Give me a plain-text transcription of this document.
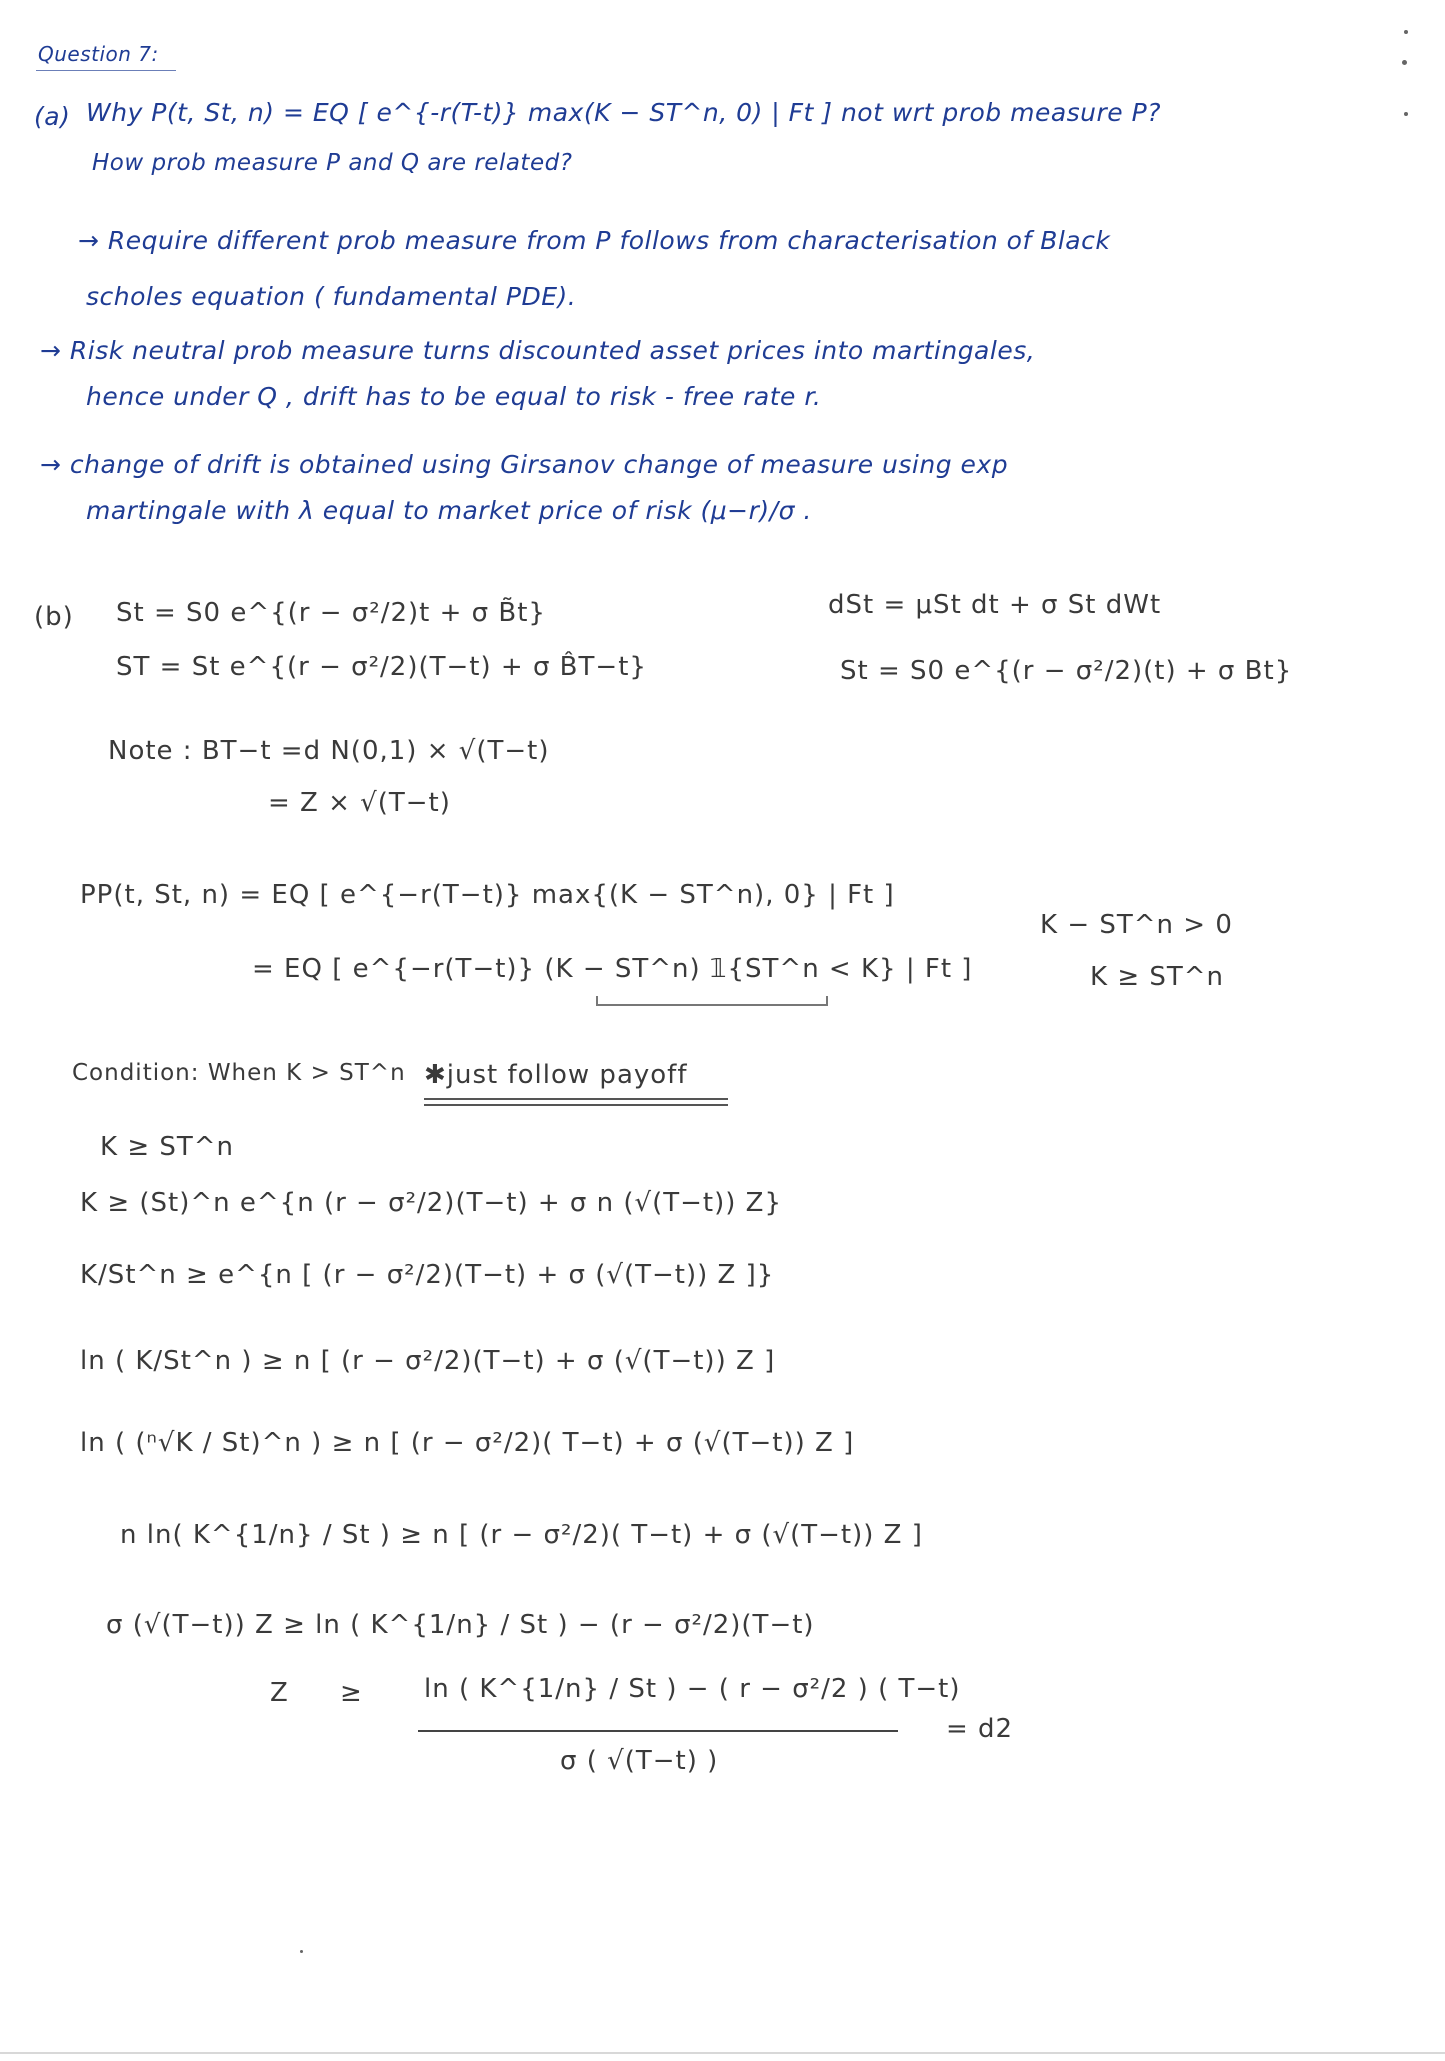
Question 7:
(a) Why P(t, St, n) = EQ [ e^{-r(T-t)} max(K − ST^n, 0) | Ft ] not wrt prob measure P?
How prob measure P and Q are related?
→ Require different prob measure from P follows from characterisation of Black
scholes equation ( fundamental PDE).
→ Risk neutral prob measure turns discounted asset prices into martingales,
hence under Q , drift has to be equal to risk - free rate r.
→ change of drift is obtained using Girsanov change of measure using exp
martingale with λ equal to market price of risk (μ−r)/σ .
(b) St = S0 e^{(r − σ²/2)t + σ B̃t}
ST = St e^{(r − σ²/2)(T−t) + σ B̂T−t}
dSt = μSt dt + σ St dWt
St = S0 e^{(r − σ²/2)(t) + σ Bt}
Note : BT−t =d N(0,1) × √(T−t)
= Z × √(T−t)
PP(t, St, n) = EQ [ e^{−r(T−t)} max{(K − ST^n), 0} | Ft ]
= EQ [ e^{−r(T−t)} (K − ST^n) 𝟙{ST^n < K} | Ft ]
K − ST^n > 0
K ≥ ST^n
Condition: When K > ST^n ✱just follow payoff
K ≥ ST^n
K ≥ (St)^n e^{n (r − σ²/2)(T−t) + σ n (√(T−t)) Z}
K/St^n ≥ e^{n [ (r − σ²/2)(T−t) + σ (√(T−t)) Z ]}
ln ( K/St^n ) ≥ n [ (r − σ²/2)(T−t) + σ (√(T−t)) Z ]
ln ( (ⁿ√K / St)^n ) ≥ n [ (r − σ²/2)( T−t) + σ (√(T−t)) Z ]
n ln( K^{1/n} / St ) ≥ n [ (r − σ²/2)( T−t) + σ (√(T−t)) Z ]
σ (√(T−t)) Z ≥ ln ( K^{1/n} / St ) − (r − σ²/2)(T−t)
Z ≥ ln ( K^{1/n} / St ) − ( r − σ²/2 ) ( T−t)
σ ( √(T−t) )
= d2
